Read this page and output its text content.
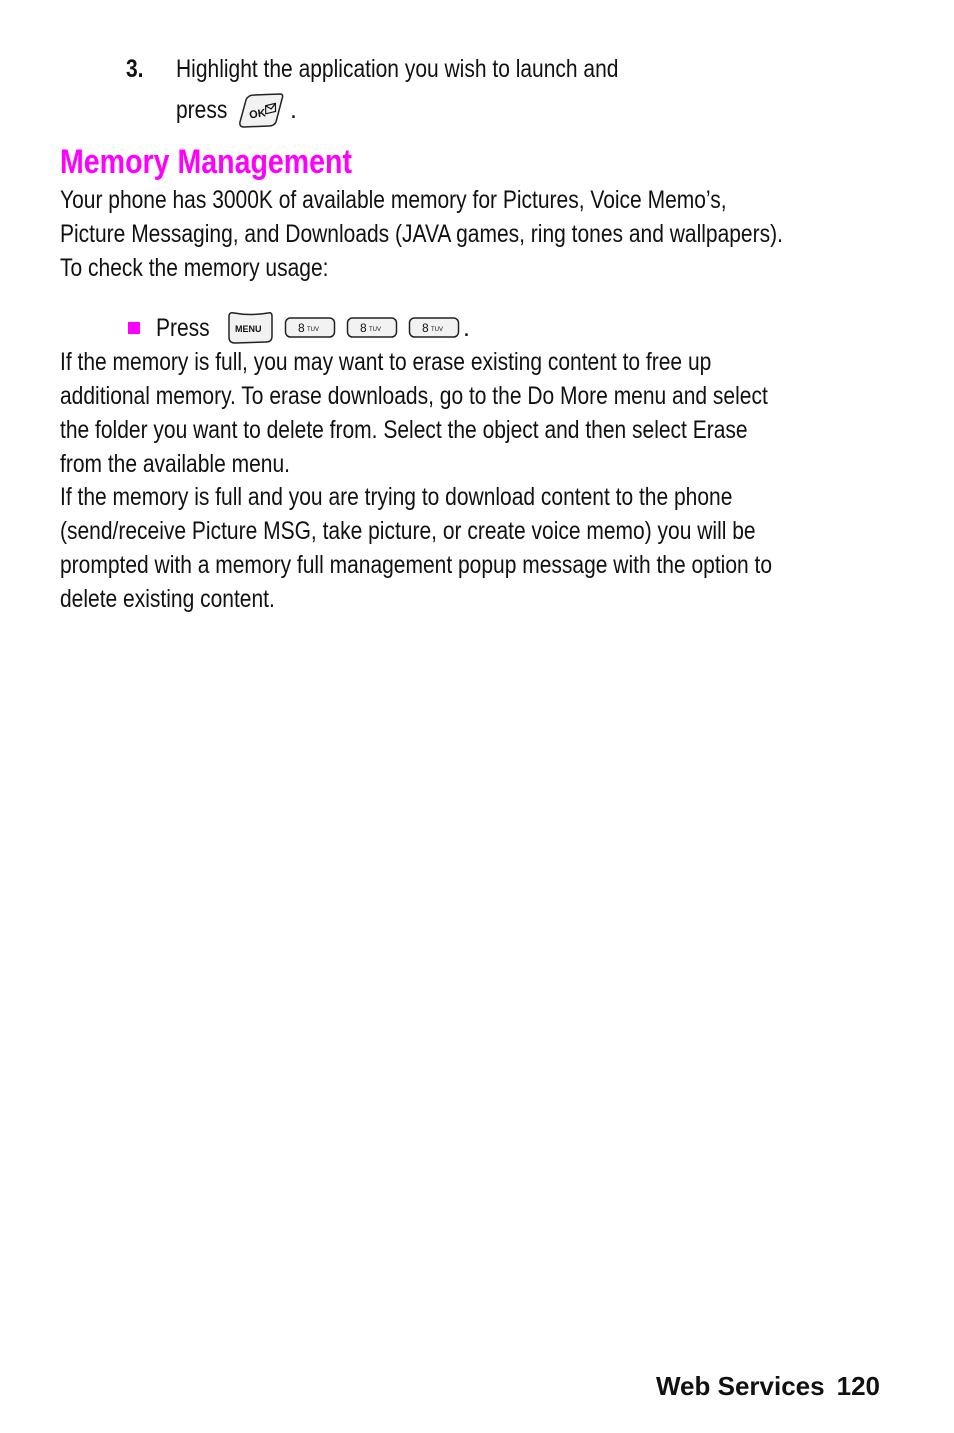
3. Highlight the application you wish to launch and
press OK .
Memory Management
Your phone has 3000K of available memory for Pictures, Voice Memo’s,
Picture Messaging, and Downloads (JAVA games, ring tones and wallpapers).
To check the memory usage:
Press	MENU	8 TUV	8 TUV	8 TUV .
If the memory is full, you may want to erase existing content to free up
additional memory. To erase downloads, go to the Do More menu and select
the folder you want to delete from. Select the object and then select Erase
from the available menu.
If the memory is full and you are trying to download content to the phone
(send/receive Picture MSG, take picture, or create voice memo) you will be
prompted with a memory full management popup message with the option to
delete existing content.
Web Services 120
